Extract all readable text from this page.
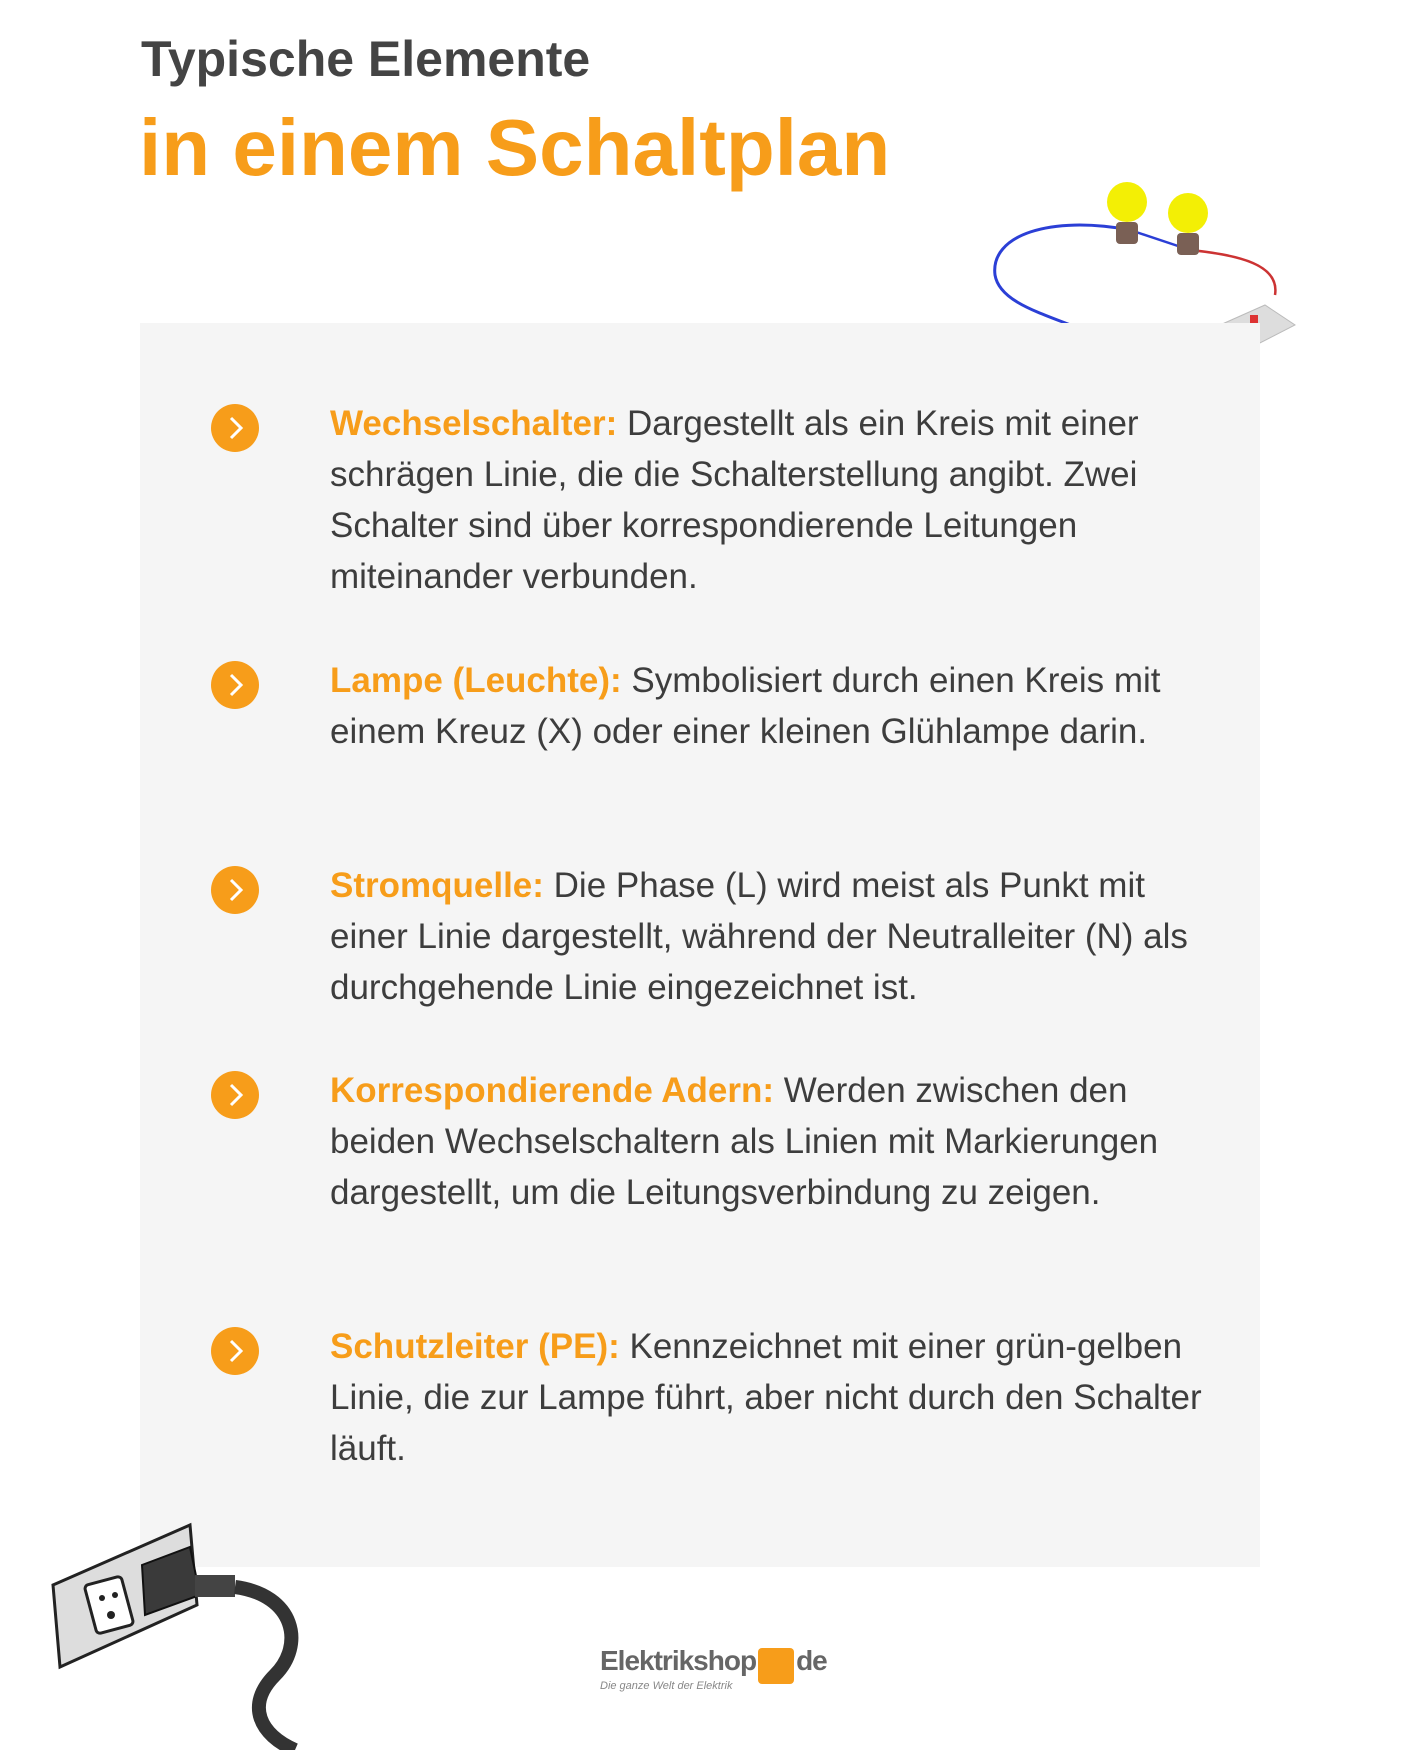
Typische Elemente
in einem Schaltplan
Wechselschalter: Dargestellt als ein Kreis mit einer schrägen Linie, die die Schalterstellung angibt. Zwei Schalter sind über korrespondierende Leitungen miteinander verbunden.
Lampe (Leuchte): Symbolisiert durch einen Kreis mit einem Kreuz (X) oder einer kleinen Glühlampe darin.
Stromquelle: Die Phase (L) wird meist als Punkt mit einer Linie dargestellt, während der Neutralleiter (N) als durchgehende Linie eingezeichnet ist.
Korrespondierende Adern: Werden zwischen den beiden Wechselschaltern als Linien mit Markierungen dargestellt, um die Leitungsverbindung zu zeigen.
Schutzleiter (PE): Kennzeichnet mit einer grün-gelben Linie, die zur Lampe führt, aber nicht durch den Schalter läuft.
Elektrikshop de
Die ganze Welt der Elektrik
